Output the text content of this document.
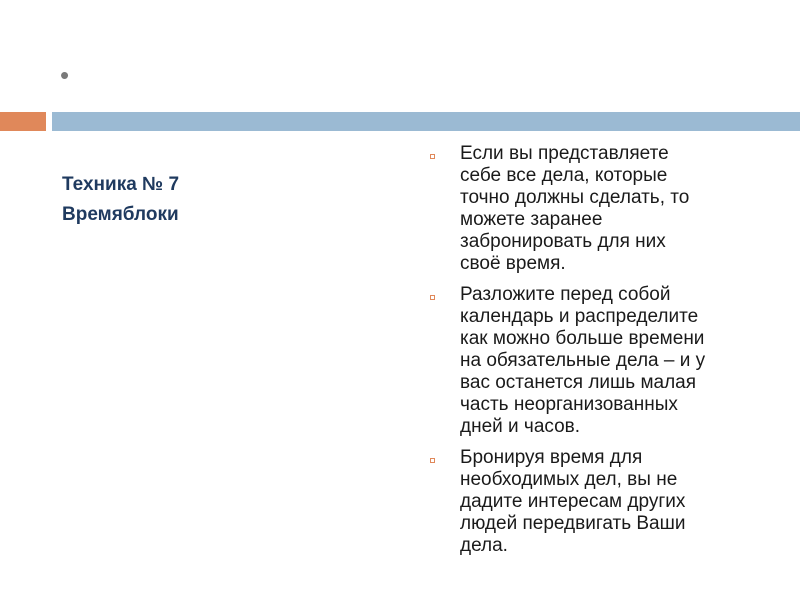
•
Техника № 7
Времяблоки
Если вы представляете
себе все дела, которые
точно должны сделать, то
можете заранее
забронировать для них
своё время.
Разложите перед собой
календарь и распределите
как можно больше времени
на обязательные дела – и у
вас останется лишь малая
часть неорганизованных
дней и часов.
Бронируя время для
необходимых дел, вы не
дадите интересам других
людей передвигать Ваши
дела.
